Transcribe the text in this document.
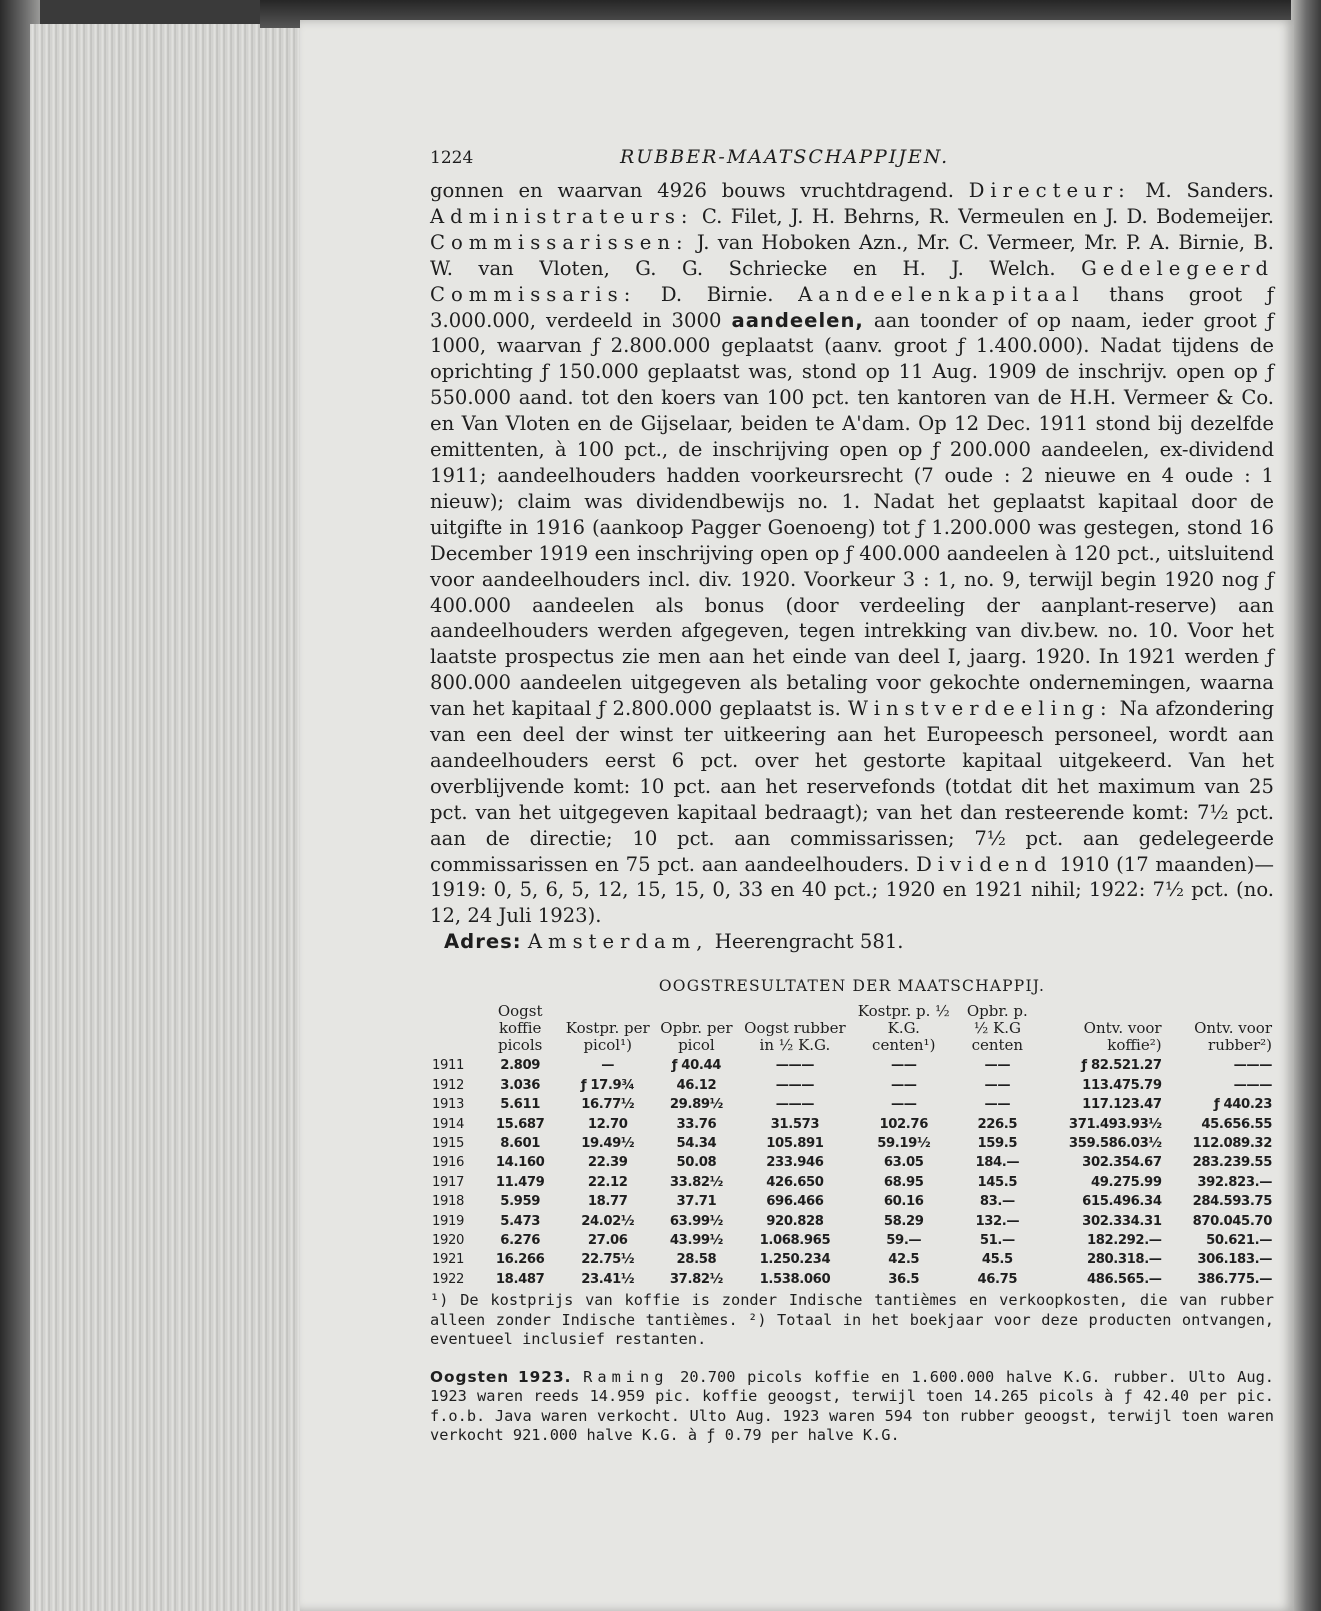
1224	RUBBER-MAATSCHAPPIJEN.
gonnen en waarvan 4926 bouws vruchtdragend. Directeur: M. Sanders. Administrateurs: C. Filet, J. H. Behrns, R. Vermeulen en J. D. Bodemeijer. Commissarissen: J. van Hoboken Azn., Mr. C. Vermeer, Mr. P. A. Birnie, B. W. van Vloten, G. G. Schriecke en H. J. Welch. Gedelegeerd Commissaris: D. Birnie. Aandeelenkapitaal thans groot ƒ 3.000.000, verdeeld in 3000 aandeelen, aan toonder of op naam, ieder groot ƒ 1000, waarvan ƒ 2.800.000 geplaatst (aanv. groot ƒ 1.400.000). Nadat tijdens de oprichting ƒ 150.000 geplaatst was, stond op 11 Aug. 1909 de inschrijv. open op ƒ 550.000 aand. tot den koers van 100 pct. ten kantoren van de H.H. Vermeer & Co. en Van Vloten en de Gijselaar, beiden te A'dam. Op 12 Dec. 1911 stond bij dezelfde emittenten, à 100 pct., de inschrijving open op ƒ 200.000 aandeelen, ex-dividend 1911; aandeelhouders hadden voorkeursrecht (7 oude : 2 nieuwe en 4 oude : 1 nieuw); claim was dividendbewijs no. 1. Nadat het geplaatst kapitaal door de uitgifte in 1916 (aankoop Pagger Goenoeng) tot ƒ 1.200.000 was gestegen, stond 16 December 1919 een inschrijving open op ƒ 400.000 aandeelen à 120 pct., uitsluitend voor aandeelhouders incl. div. 1920. Voorkeur 3 : 1, no. 9, terwijl begin 1920 nog ƒ 400.000 aandeelen als bonus (door verdeeling der aanplant-reserve) aan aandeelhouders werden afgegeven, tegen intrekking van div.bew. no. 10. Voor het laatste prospectus zie men aan het einde van deel I, jaarg. 1920. In 1921 werden ƒ 800.000 aandeelen uitgegeven als betaling voor gekochte ondernemingen, waarna van het kapitaal ƒ 2.800.000 geplaatst is. Winstverdeeling: Na afzondering van een deel der winst ter uitkeering aan het Europeesch personeel, wordt aan aandeelhouders eerst 6 pct. over het gestorte kapitaal uitgekeerd. Van het overblijvende komt: 10 pct. aan het reservefonds (totdat dit het maximum van 25 pct. van het uitgegeven kapitaal bedraagt); van het dan resteerende komt: 7½ pct. aan de directie; 10 pct. aan commissarissen; 7½ pct. aan gedelegeerde commissarissen en 75 pct. aan aandeelhouders. Dividend 1910 (17 maanden)—1919: 0, 5, 6, 5, 12, 15, 15, 0, 33 en 40 pct.; 1920 en 1921 nihil; 1922: 7½ pct. (no. 12, 24 Juli 1923).
Adres: Amsterdam, Heerengracht 581.
OOGSTRESULTATEN DER MAATSCHAPPIJ.
	Oogst koffie picols	Kostpr. per picol¹)	Opbr. per picol	Oogst rubber in ½ K.G.	Kostpr. p. ½ K.G. centen¹)	Opbr. p. ½ K.G centen	Ontv. voor koffie²)	Ontv. voor rubber²)
1911	2.809	—	ƒ 40.44	———	——	——	ƒ 82.521.27	———
1912	3.036	ƒ 17.9¾	46.12	———	——	——	113.475.79	———
1913	5.611	16.77½	29.89½	———	——	——	117.123.47	ƒ 440.23
1914	15.687	12.70	33.76	31.573	102.76	226.5	371.493.93½	45.656.55
1915	8.601	19.49½	54.34	105.891	59.19½	159.5	359.586.03½	112.089.32
1916	14.160	22.39	50.08	233.946	63.05	184.—	302.354.67	283.239.55
1917	11.479	22.12	33.82½	426.650	68.95	145.5	49.275.99	392.823.—
1918	5.959	18.77	37.71	696.466	60.16	83.—	615.496.34	284.593.75
1919	5.473	24.02½	63.99½	920.828	58.29	132.—	302.334.31	870.045.70
1920	6.276	27.06	43.99½	1.068.965	59.—	51.—	182.292.—	50.621.—
1921	16.266	22.75½	28.58	1.250.234	42.5	45.5	280.318.—	306.183.—
1922	18.487	23.41½	37.82½	1.538.060	36.5	46.75	486.565.—	386.775.—
¹) De kostprijs van koffie is zonder Indische tantièmes en verkoopkosten, die van rubber alleen zonder Indische tantièmes. ²) Totaal in het boekjaar voor deze producten ontvangen, eventueel inclusief restanten.
Oogsten 1923. Raming 20.700 picols koffie en 1.600.000 halve K.G. rubber. Ulto Aug. 1923 waren reeds 14.959 pic. koffie geoogst, terwijl toen 14.265 picols à ƒ 42.40 per pic. f.o.b. Java waren verkocht. Ulto Aug. 1923 waren 594 ton rubber geoogst, terwijl toen waren verkocht 921.000 halve K.G. à ƒ 0.79 per halve K.G.
